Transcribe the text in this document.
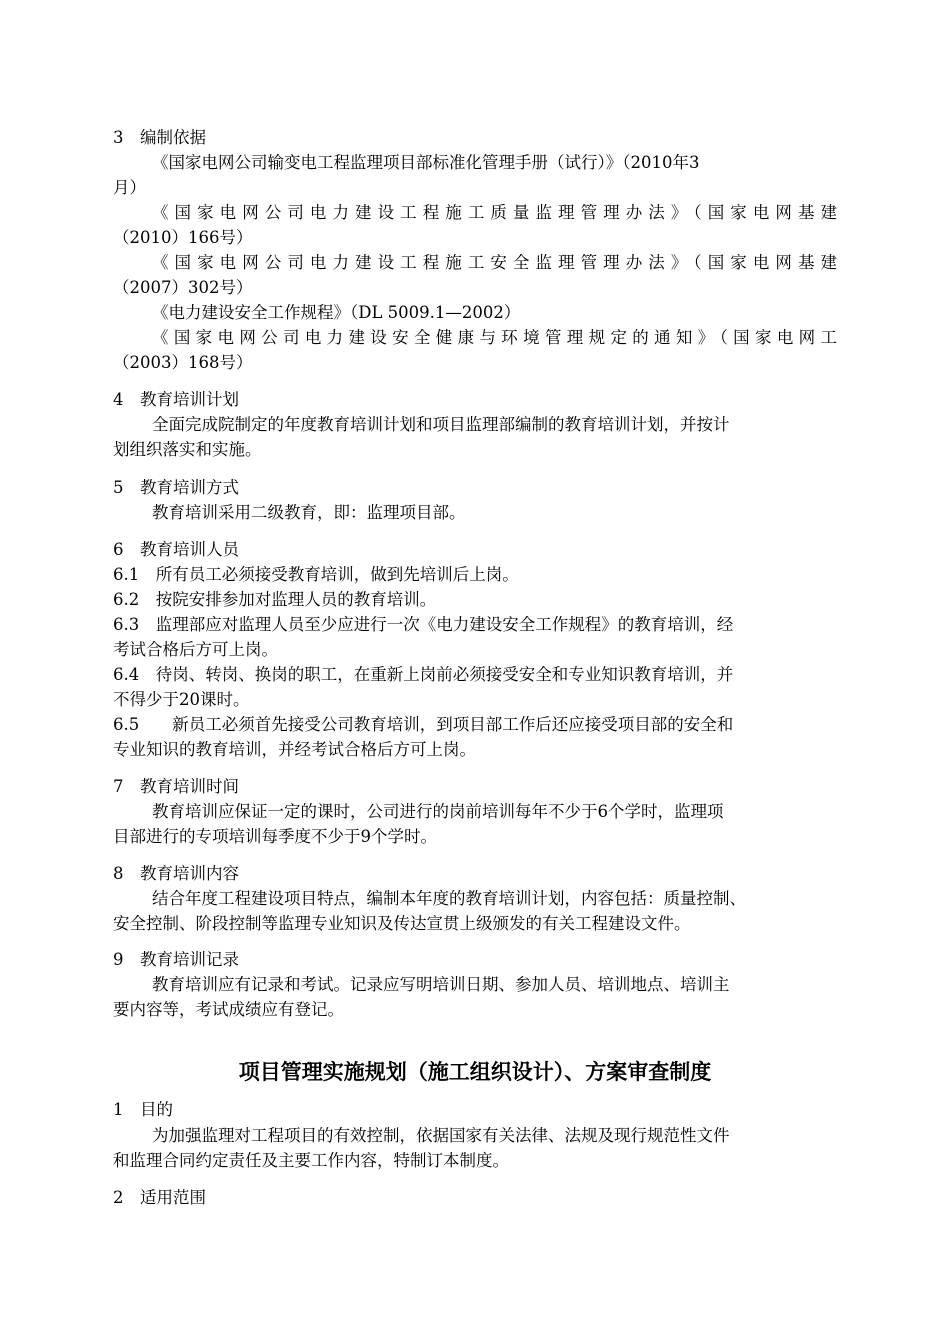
3　编制依据
《国家电网公司输变电工程监理项目部标准化管理手册（试行）》（2010年3
月）
《国家电网公司电力建设工程施工质量监理管理办法》（国家电网基建
（2010）166号）
《国家电网公司电力建设工程施工安全监理管理办法》（国家电网基建
（2007）302号）
《电力建设安全工作规程》（DL 5009.1—2002）
《国家电网公司电力建设安全健康与环境管理规定的通知》（国家电网工
（2003）168号）
4　教育培训计划
全面完成院制定的年度教育培训计划和项目监理部编制的教育培训计划，并按计
划组织落实和实施。
5　教育培训方式
教育培训采用二级教育，即：监理项目部。
6　教育培训人员
6.1　所有员工必须接受教育培训，做到先培训后上岗。
6.2　按院安排参加对监理人员的教育培训。
6.3　监理部应对监理人员至少应进行一次《电力建设安全工作规程》的教育培训，经
考试合格后方可上岗。
6.4　待岗、转岗、换岗的职工，在重新上岗前必须接受安全和专业知识教育培训，并
不得少于20课时。
6.5　　新员工必须首先接受公司教育培训，到项目部工作后还应接受项目部的安全和
专业知识的教育培训，并经考试合格后方可上岗。
7　教育培训时间
教育培训应保证一定的课时，公司进行的岗前培训每年不少于6个学时，监理项
目部进行的专项培训每季度不少于9个学时。
8　教育培训内容
结合年度工程建设项目特点，编制本年度的教育培训计划，内容包括：质量控制、
安全控制、阶段控制等监理专业知识及传达宣贯上级颁发的有关工程建设文件。
9　教育培训记录
教育培训应有记录和考试。记录应写明培训日期、参加人员、培训地点、培训主
要内容等，考试成绩应有登记。
项目管理实施规划（施工组织设计）、方案审查制度
1　目的
为加强监理对工程项目的有效控制，依据国家有关法律、法规及现行规范性文件
和监理合同约定责任及主要工作内容，特制订本制度。
2　适用范围
